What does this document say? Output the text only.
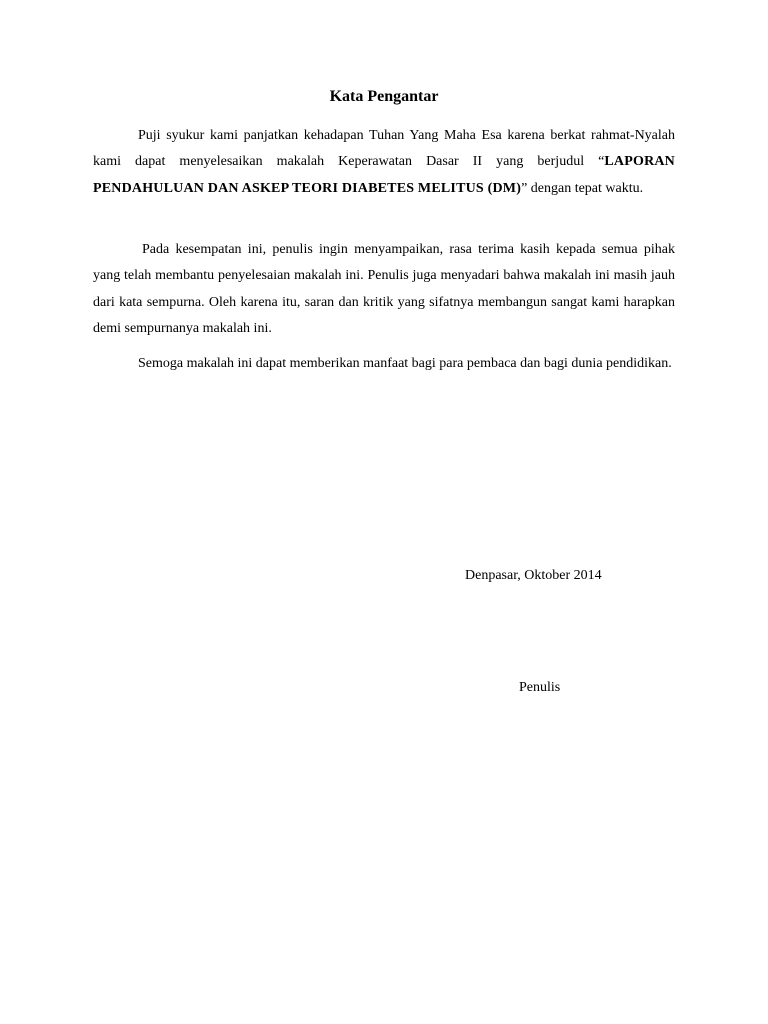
Kata Pengantar

Puji syukur kami panjatkan kehadapan Tuhan Yang Maha Esa karena berkat rahmat-Nyalah kami dapat menyelesaikan makalah Keperawatan Dasar II yang berjudul “LAPORAN PENDAHULUAN DAN ASKEP TEORI DIABETES MELITUS (DM)” dengan tepat waktu.

Pada kesempatan ini, penulis ingin menyampaikan, rasa terima kasih kepada semua pihak yang telah membantu penyelesaian makalah ini. Penulis juga menyadari bahwa makalah ini masih jauh dari kata sempurna. Oleh karena itu, saran dan kritik yang sifatnya membangun sangat kami harapkan demi sempurnanya makalah ini.

Semoga makalah ini dapat memberikan manfaat bagi para pembaca dan bagi dunia pendidikan.

Denpasar, Oktober 2014
Penulis
